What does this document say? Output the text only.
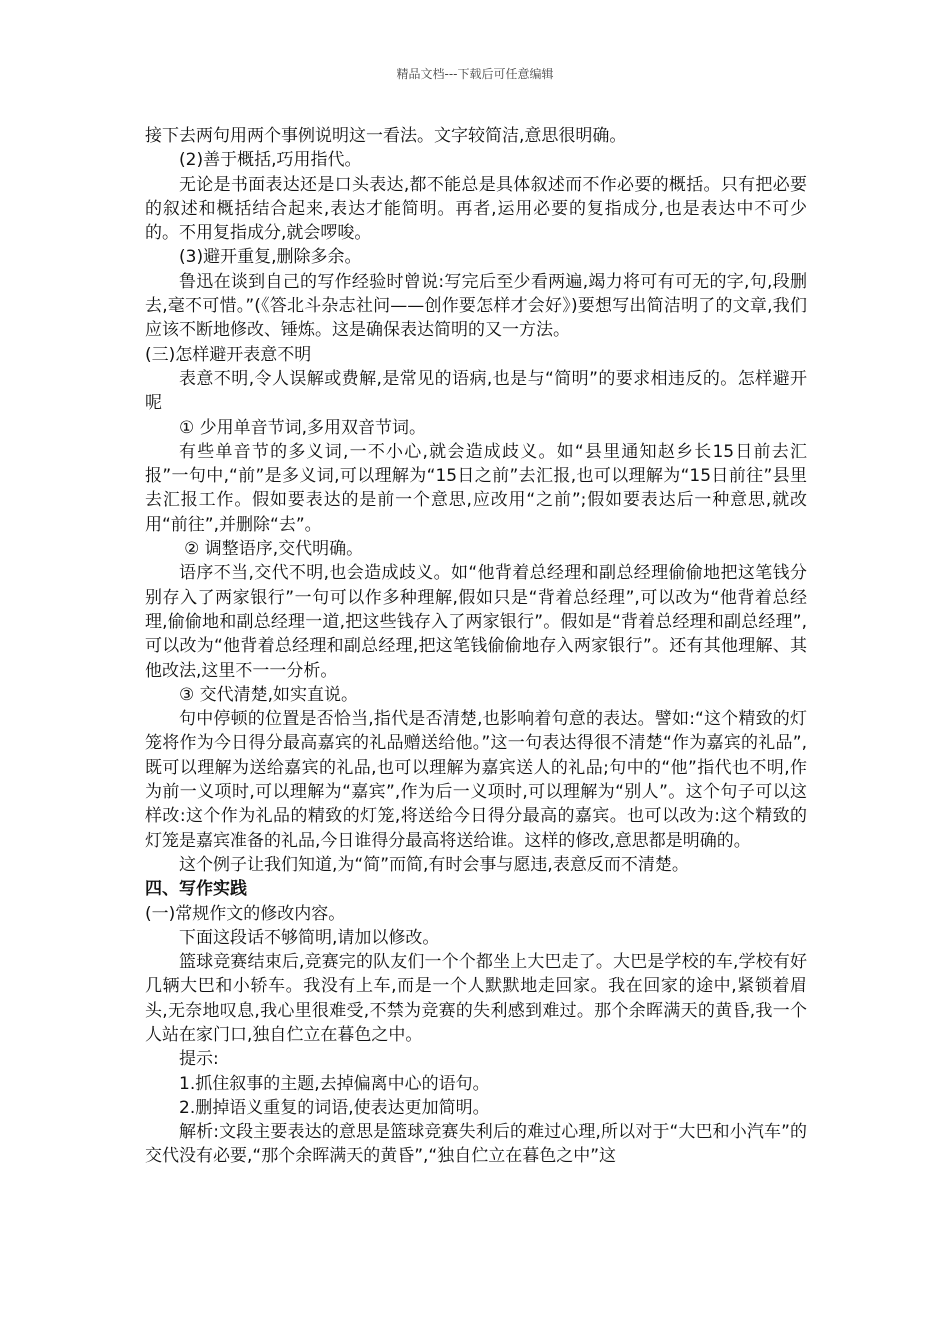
精品文档---下载后可任意编辑

接下去两句用两个事例说明这一看法。文字较简洁,意思很明确。

(2)善于概括,巧用指代。

无论是书面表达还是口头表达,都不能总是具体叙述而不作必要的概括。只有把必要的叙述和概括结合起来,表达才能简明。再者,运用必要的复指成分,也是表达中不可少的。不用复指成分,就会啰唆。

(3)避开重复,删除多余。

鲁迅在谈到自己的写作经验时曾说:写完后至少看两遍,竭力将可有可无的字,句,段删去,毫不可惜。”(《答北斗杂志社问——创作要怎样才会好》)要想写出简洁明了的文章,我们应该不断地修改、锤炼。这是确保表达简明的又一方法。

(三)怎样避开表意不明

表意不明,令人误解或费解,是常见的语病,也是与“简明”的要求相违反的。怎样避开呢

① 少用单音节词,多用双音节词。

有些单音节的多义词,一不小心,就会造成歧义。如“县里通知赵乡长15日前去汇报”一句中,“前”是多义词,可以理解为“15日之前”去汇报,也可以理解为“15日前往”县里去汇报工作。假如要表达的是前一个意思,应改用“之前”;假如要表达后一种意思,就改用“前往”,并删除“去”。

② 调整语序,交代明确。

语序不当,交代不明,也会造成歧义。如“他背着总经理和副总经理偷偷地把这笔钱分别存入了两家银行”一句可以作多种理解,假如只是“背着总经理”,可以改为“他背着总经理,偷偷地和副总经理一道,把这些钱存入了两家银行”。假如是“背着总经理和副总经理”,可以改为“他背着总经理和副总经理,把这笔钱偷偷地存入两家银行”。还有其他理解、其他改法,这里不一一分析。

③ 交代清楚,如实直说。

句中停顿的位置是否恰当,指代是否清楚,也影响着句意的表达。譬如:“这个精致的灯笼将作为今日得分最高嘉宾的礼品赠送给他。”这一句表达得很不清楚“作为嘉宾的礼品”,既可以理解为送给嘉宾的礼品,也可以理解为嘉宾送人的礼品;句中的“他”指代也不明,作为前一义项时,可以理解为“嘉宾”,作为后一义项时,可以理解为“别人”。这个句子可以这样改:这个作为礼品的精致的灯笼,将送给今日得分最高的嘉宾。也可以改为:这个精致的灯笼是嘉宾准备的礼品,今日谁得分最高将送给谁。这样的修改,意思都是明确的。

这个例子让我们知道,为“简”而简,有时会事与愿违,表意反而不清楚。

四、写作实践

(一)常规作文的修改内容。

下面这段话不够简明,请加以修改。

篮球竞赛结束后,竞赛完的队友们一个个都坐上大巴走了。大巴是学校的车,学校有好几辆大巴和小轿车。我没有上车,而是一个人默默地走回家。我在回家的途中,紧锁着眉头,无奈地叹息,我心里很难受,不禁为竞赛的失利感到难过。那个余晖满天的黄昏,我一个人站在家门口,独自伫立在暮色之中。

提示:

1.抓住叙事的主题,去掉偏离中心的语句。

2.删掉语义重复的词语,使表达更加简明。

解析:文段主要表达的意思是篮球竞赛失利后的难过心理,所以对于“大巴和小汽车”的交代没有必要,“那个余晖满天的黄昏”,“独自伫立在暮色之中”这
